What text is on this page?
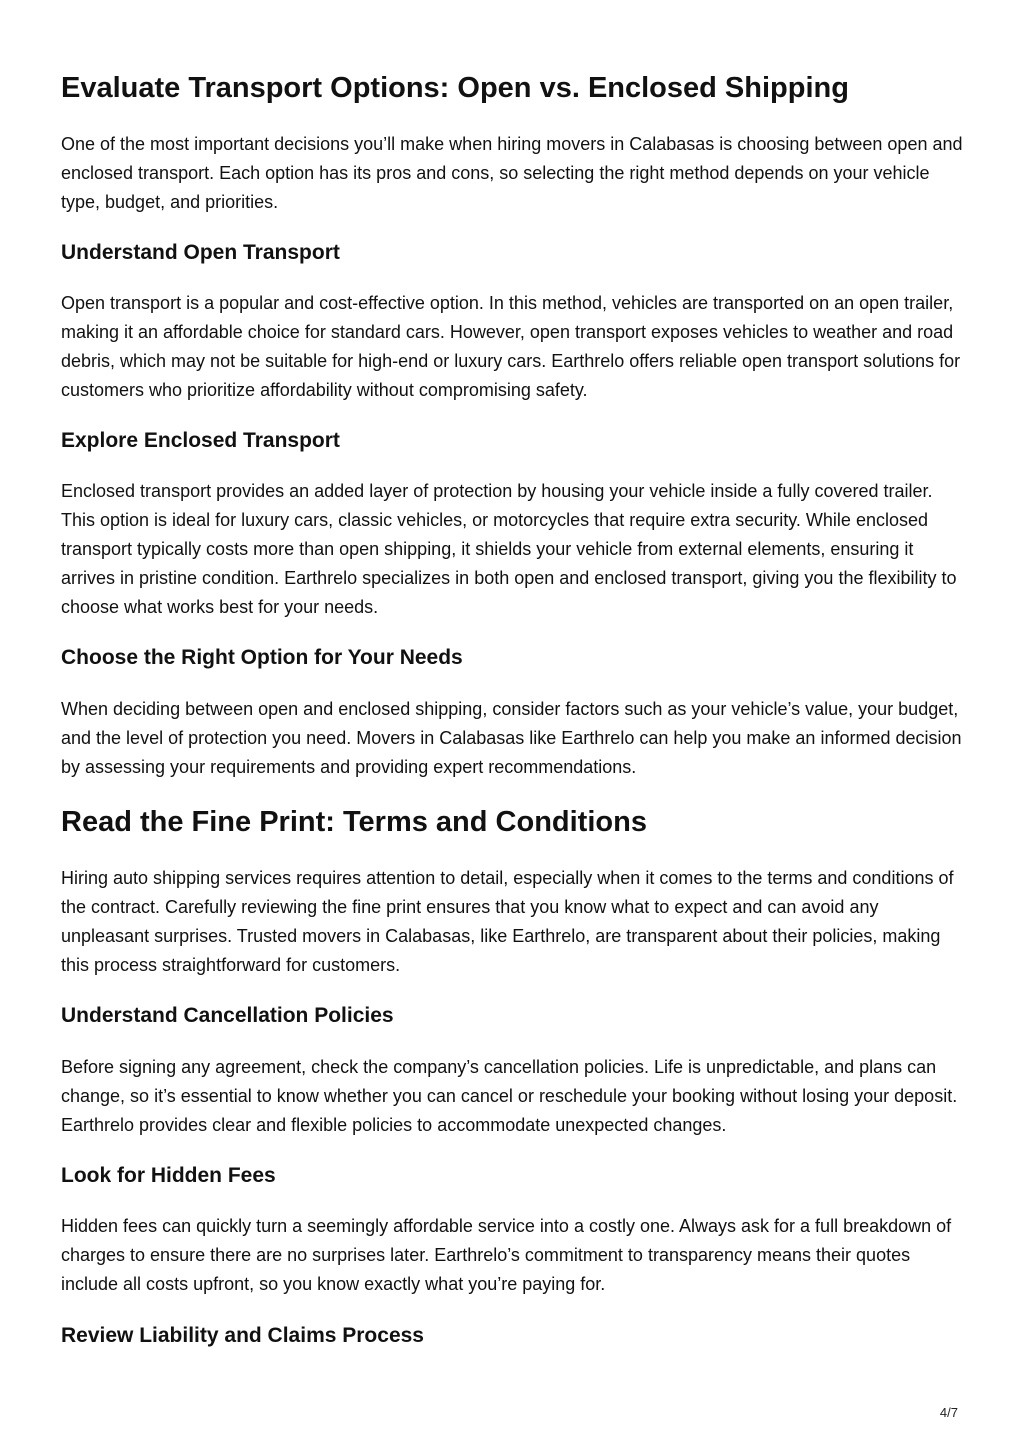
Evaluate Transport Options: Open vs. Enclosed Shipping

One of the most important decisions you’ll make when hiring movers in Calabasas is choosing between open and enclosed transport. Each option has its pros and cons, so selecting the right method depends on your vehicle type, budget, and priorities.

Understand Open Transport

Open transport is a popular and cost-effective option. In this method, vehicles are transported on an open trailer, making it an affordable choice for standard cars. However, open transport exposes vehicles to weather and road debris, which may not be suitable for high-end or luxury cars. Earthrelo offers reliable open transport solutions for customers who prioritize affordability without compromising safety.

Explore Enclosed Transport

Enclosed transport provides an added layer of protection by housing your vehicle inside a fully covered trailer. This option is ideal for luxury cars, classic vehicles, or motorcycles that require extra security. While enclosed transport typically costs more than open shipping, it shields your vehicle from external elements, ensuring it arrives in pristine condition. Earthrelo specializes in both open and enclosed transport, giving you the flexibility to choose what works best for your needs.

Choose the Right Option for Your Needs

When deciding between open and enclosed shipping, consider factors such as your vehicle’s value, your budget, and the level of protection you need. Movers in Calabasas like Earthrelo can help you make an informed decision by assessing your requirements and providing expert recommendations.

Read the Fine Print: Terms and Conditions

Hiring auto shipping services requires attention to detail, especially when it comes to the terms and conditions of the contract. Carefully reviewing the fine print ensures that you know what to expect and can avoid any unpleasant surprises. Trusted movers in Calabasas, like Earthrelo, are transparent about their policies, making this process straightforward for customers.

Understand Cancellation Policies

Before signing any agreement, check the company’s cancellation policies. Life is unpredictable, and plans can change, so it’s essential to know whether you can cancel or reschedule your booking without losing your deposit. Earthrelo provides clear and flexible policies to accommodate unexpected changes.

Look for Hidden Fees

Hidden fees can quickly turn a seemingly affordable service into a costly one. Always ask for a full breakdown of charges to ensure there are no surprises later. Earthrelo’s commitment to transparency means their quotes include all costs upfront, so you know exactly what you’re paying for.

Review Liability and Claims Process
4/7
